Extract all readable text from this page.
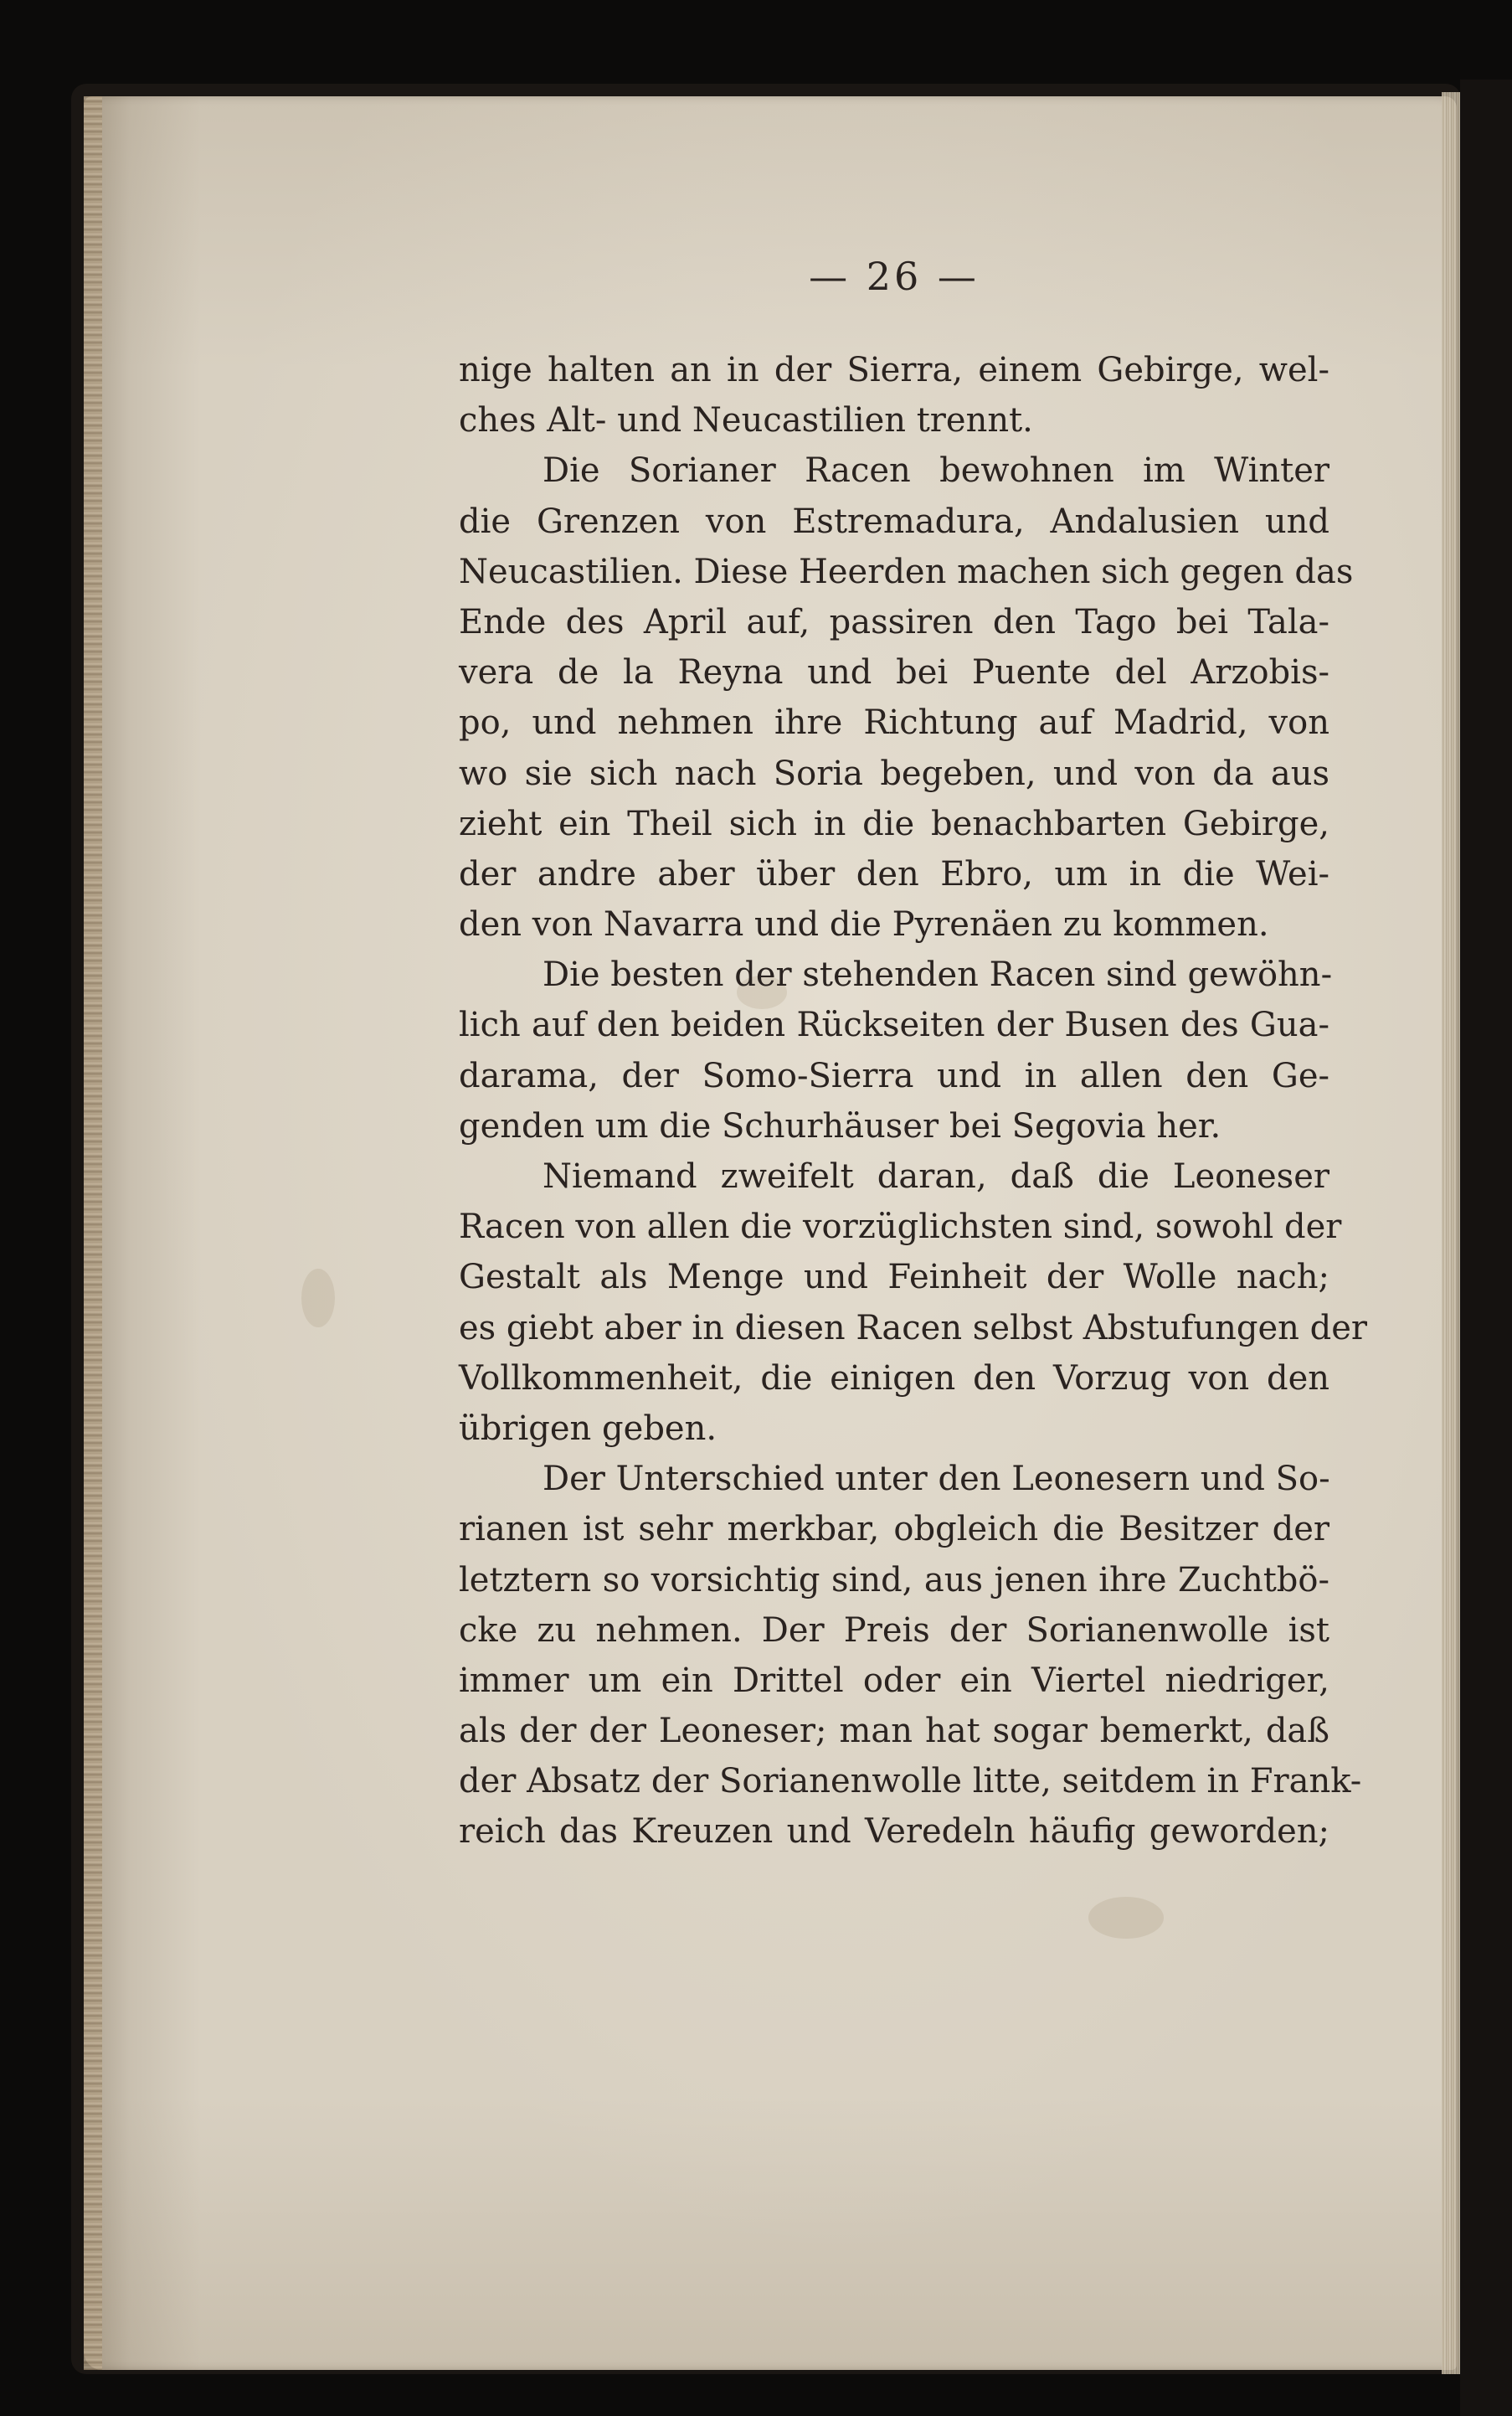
— 26 —
nige halten an in der Sierra, einem Gebirge, wel-
ches Alt- und Neucastilien trennt.
Die Sorianer Racen bewohnen im Winter
die Grenzen von Estremadura, Andalusien und
Neucastilien. Diese Heerden machen sich gegen das
Ende des April auf, passiren den Tago bei Tala-
vera de la Reyna und bei Puente del Arzobis-
po, und nehmen ihre Richtung auf Madrid, von
wo sie sich nach Soria begeben, und von da aus
zieht ein Theil sich in die benachbarten Gebirge,
der andre aber über den Ebro, um in die Wei-
den von Navarra und die Pyrenäen zu kommen.
Die besten der stehenden Racen sind gewöhn-
lich auf den beiden Rückseiten der Busen des Gua-
darama, der Somo-Sierra und in allen den Ge-
genden um die Schurhäuser bei Segovia her.
Niemand zweifelt daran, daß die Leoneser
Racen von allen die vorzüglichsten sind, sowohl der
Gestalt als Menge und Feinheit der Wolle nach;
es giebt aber in diesen Racen selbst Abstufungen der
Vollkommenheit, die einigen den Vorzug von den
übrigen geben.
Der Unterschied unter den Leonesern und So-
rianen ist sehr merkbar, obgleich die Besitzer der
letztern so vorsichtig sind, aus jenen ihre Zuchtbö-
cke zu nehmen. Der Preis der Sorianenwolle ist
immer um ein Drittel oder ein Viertel niedriger,
als der der Leoneser; man hat sogar bemerkt, daß
der Absatz der Sorianenwolle litte, seitdem in Frank-
reich das Kreuzen und Veredeln häufig geworden;
